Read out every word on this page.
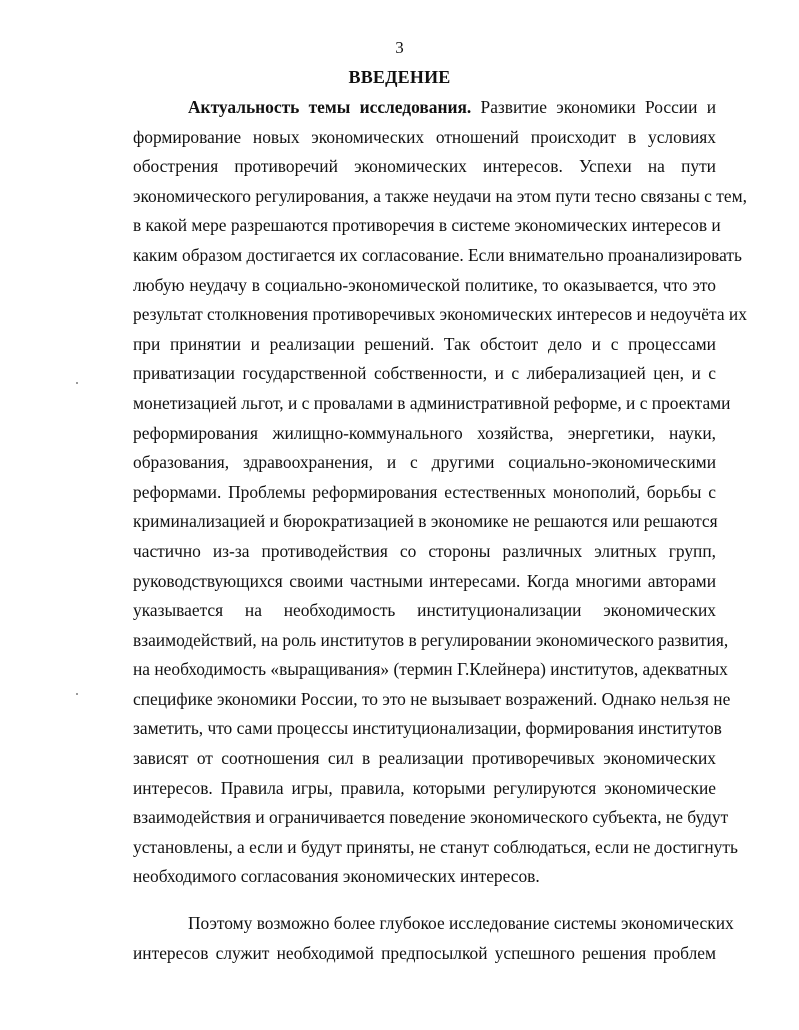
3
ВВЕДЕНИЕ
Актуальность темы исследования. Развитие экономики России и
формирование новых экономических отношений происходит в условиях
обострения противоречий экономических интересов. Успехи на пути
экономического регулирования, а также неудачи на этом пути тесно связаны с тем,
в какой мере разрешаются противоречия в системе экономических интересов и
каким образом достигается их согласование. Если внимательно проанализировать
любую неудачу в социально-экономической политике, то оказывается, что это
результат столкновения противоречивых экономических интересов и недоучёта их
при принятии и реализации решений. Так обстоит дело и с процессами
приватизации государственной собственности, и с либерализацией цен, и с
монетизацией льгот, и с провалами в административной реформе, и с проектами
реформирования жилищно-коммунального хозяйства, энергетики, науки,
образования, здравоохранения, и с другими социально-экономическими
реформами. Проблемы реформирования естественных монополий, борьбы с
криминализацией и бюрократизацией в экономике не решаются или решаются
частично из-за противодействия со стороны различных элитных групп,
руководствующихся своими частными интересами. Когда многими авторами
указывается на необходимость институционализации экономических
взаимодействий, на роль институтов в регулировании экономического развития,
на необходимость «выращивания» (термин Г.Клейнера) институтов, адекватных
специфике экономики России, то это не вызывает возражений. Однако нельзя не
заметить, что сами процессы институционализации, формирования институтов
зависят от соотношения сил в реализации противоречивых экономических
интересов. Правила игры, правила, которыми регулируются экономические
взаимодействия и ограничивается поведение экономического субъекта, не будут
установлены, а если и будут приняты, не станут соблюдаться, если не достигнуть
необходимого согласования экономических интересов.
Поэтому возможно более глубокое исследование системы экономических
интересов служит необходимой предпосылкой успешного решения проблем
